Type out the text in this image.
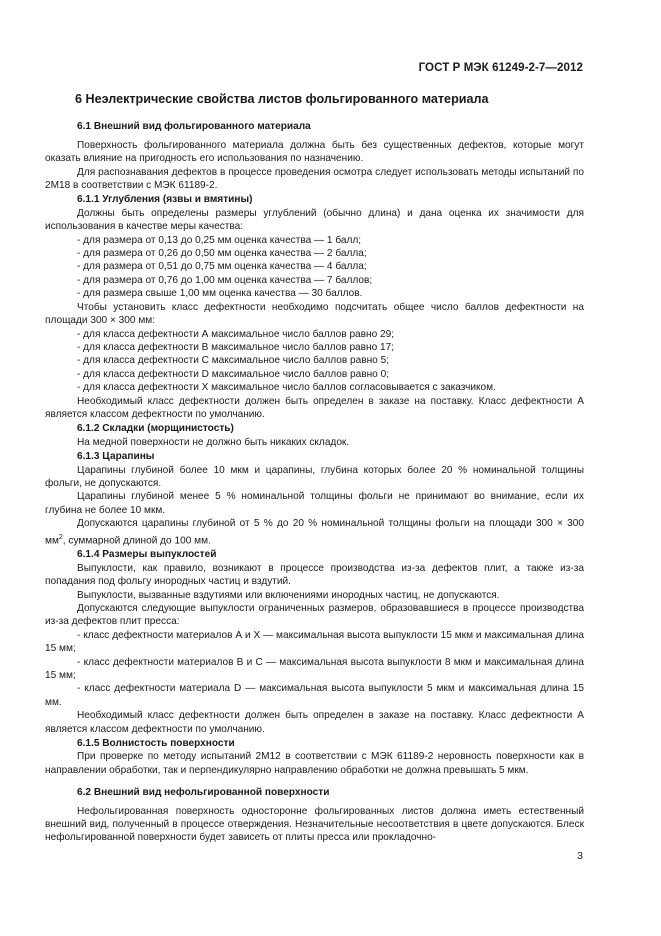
ГОСТ Р МЭК 61249-2-7—2012
6 Неэлектрические свойства листов фольгированного материала
6.1 Внешний вид фольгированного материала

Поверхность фольгированного материала должна быть без существенных дефектов, которые могут оказать влияние на пригодность его использования по назначению.

Для распознавания дефектов в процессе проведения осмотра следует использовать методы испытаний по 2М18 в соответствии с МЭК 61189-2.

6.1.1 Углубления (язвы и вмятины)

Должны быть определены размеры углублений (обычно длина) и дана оценка их значимости для использования в качестве меры качества:

- для размера от 0,13 до 0,25 мм оценка качества — 1 балл;

- для размера от 0,26 до 0,50 мм оценка качества — 2 балла;

- для размера от 0,51 до 0,75 мм оценка качества — 4 балла;

- для размера от 0,76 до 1,00 мм оценка качества — 7 баллов;

- для размера свыше 1,00 мм оценка качества — 30 баллов.

Чтобы установить класс дефектности необходимо подсчитать общее число баллов дефектности на площади 300 × 300 мм:

- для класса дефектности А максимальное число баллов равно 29;

- для класса дефектности В максимальное число баллов равно 17;

- для класса дефектности С максимальное число баллов равно 5;

- для класса дефектности D максимальное число баллов равно 0;

- для класса дефектности X максимальное число баллов согласовывается с заказчиком.

Необходимый класс дефектности должен быть определен в заказе на поставку. Класс дефектности А является классом дефектности по умолчанию.

6.1.2 Складки (морщинистость)

На медной поверхности не должно быть никаких складок.

6.1.3 Царапины

Царапины глубиной более 10 мкм и царапины, глубина которых более 20 % номинальной толщины фольги, не допускаются.

Царапины глубиной менее 5 % номинальной толщины фольги не принимают во внимание, если их глубина не более 10 мкм.

Допускаются царапины глубиной от 5 % до 20 % номинальной толщины фольги на площади 300 × 300 $мм^2$, суммарной длиной до 100 мм.

6.1.4 Размеры выпуклостей

Выпуклости, как правило, возникают в процессе производства из-за дефектов плит, а также из-за попадания под фольгу инородных частиц и вздутий.

Выпуклости, вызванные вздутиями или включениями инородных частиц, не допускаются.

Допускаются следующие выпуклости ограниченных размеров, образовавшиеся в процессе производства из-за дефектов плит пресса:

- класс дефектности материалов А и X — максимальная высота выпуклости 15 мкм и максимальная длина 15 мм;

- класс дефектности материалов В и С — максимальная высота выпуклости 8 мкм и максимальная длина 15 мм;

- класс дефектности материала D — максимальная высота выпуклости 5 мкм и максимальная длина 15 мм.

Необходимый класс дефектности должен быть определен в заказе на поставку. Класс дефектности А является классом дефектности по умолчанию.

6.1.5 Волнистость поверхности

При проверке по методу испытаний 2М12 в соответствии с МЭК 61189-2 неровность поверхности как в направлении обработки, так и перпендикулярно направлению обработки не должна превышать 5 мкм.

6.2 Внешний вид нефольгированной поверхности

Нефольгированная поверхность односторонне фольгированных листов должна иметь естественный внешний вид, полученный в процессе отверждения. Незначительные несоответствия в цвете допускаются. Блеск нефольгированной поверхности будет зависеть от плиты пресса или прокладочно-

3
